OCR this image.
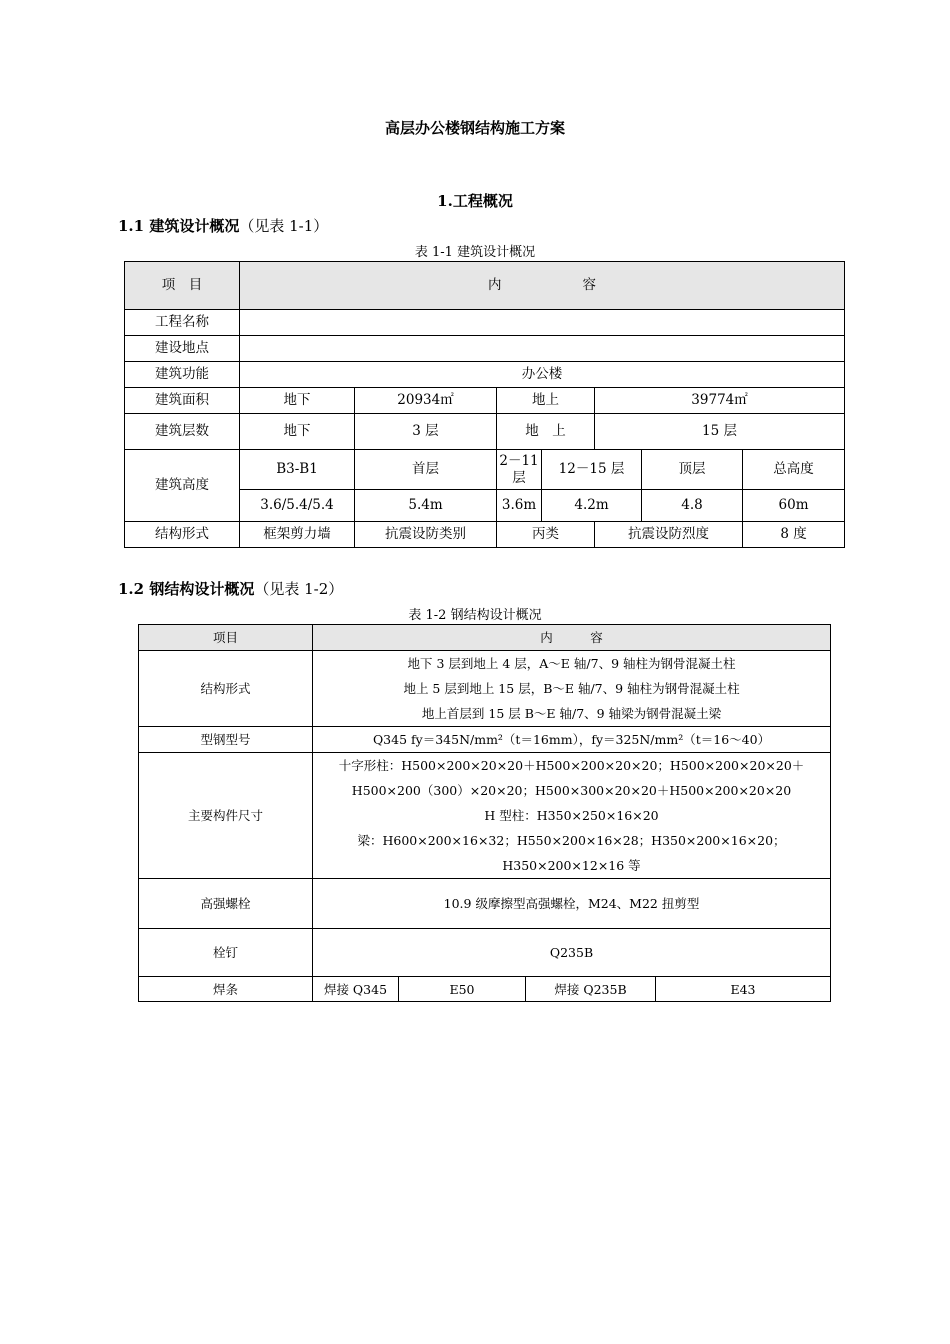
高层办公楼钢结构施工方案
1.工程概况
1.1 建筑设计概况（见表 1-1）
表 1-1 建筑设计概况
项　目	内　　　　　　容						
工程名称							
建设地点							
建筑功能	办公楼						
建筑面积	地下	20934㎡	地上		39774㎡		
建筑层数	地下	3 层	地　上		15 层		
建筑高度	B3-B1	首层	2－11 层	12－15 层		顶层	总高度
	3.6/5.4/5.4	5.4m	3.6m	4.2m		4.8	60m
结构形式	框架剪力墙	抗震设防类别	丙类		抗震设防烈度		8 度
1.2 钢结构设计概况（见表 1-2）
表 1-2 钢结构设计概况
项目	内　　　容			
结构形式	地下 3 层到地上 4 层，A～E 轴/7、9 轴柱为钢骨混凝土柱
地上 5 层到地上 15 层，B～E 轴/7、9 轴柱为钢骨混凝土柱
地上首层到 15 层 B～E 轴/7、9 轴梁为钢骨混凝土梁			

型钢型号	Q345 fy＝345N/mm²（t＝16mm），fy＝325N/mm²（t＝16～40）			
主要构件尺寸	十字形柱：H500×200×20×20＋H500×200×20×20；H500×200×20×20＋
H500×200（300）×20×20；H500×300×20×20＋H500×200×20×20
H 型柱：H350×250×16×20
梁：H600×200×16×32；H550×200×16×28；H350×200×16×20；
H350×200×12×16 等			

高强螺栓	10.9 级摩擦型高强螺栓，M24、M22 扭剪型			
栓钉	Q235B			
焊条	焊接 Q345	E50	焊接 Q235B	E43
